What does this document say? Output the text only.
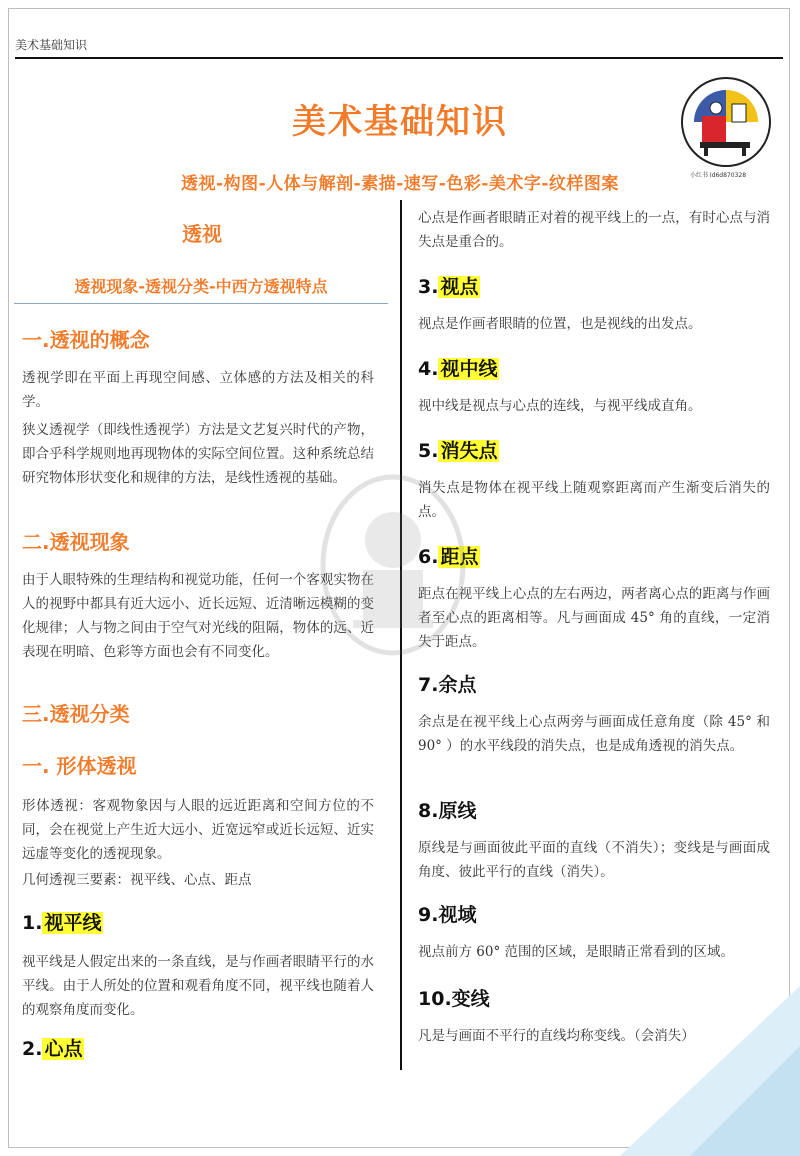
美术基础知识
美术基础知识
透视-构图-人体与解剖-素描-速写-色彩-美术字-纹样图案	小红书 Id6d870328
透视
透视现象-透视分类-中西方透视特点
一.透视的概念
透视学即在平面上再现空间感、立体感的方法及相关的科学。
狭义透视学（即线性透视学）方法是文艺复兴时代的产物，即合乎科学规则地再现物体的实际空间位置。这种系统总结研究物体形状变化和规律的方法，是线性透视的基础。
二.透视现象
由于人眼特殊的生理结构和视觉功能，任何一个客观实物在人的视野中都具有近大远小、近长远短、近清晰远模糊的变化规律；人与物之间由于空气对光线的阻隔，物体的远、近表现在明暗、色彩等方面也会有不同变化。
三.透视分类
一. 形体透视
形体透视：客观物象因与人眼的远近距离和空间方位的不同，会在视觉上产生近大远小、近宽远窄或近长远短、近实远虚等变化的透视现象。
几何透视三要素：视平线、心点、距点
1. 视平线
视平线是人假定出来的一条直线，是与作画者眼睛平行的水平线。由于人所处的位置和观看角度不同，视平线也随着人的观察角度而变化。
2. 心点
心点是作画者眼睛正对着的视平线上的一点，有时心点与消失点是重合的。
3. 视点
视点是作画者眼睛的位置，也是视线的出发点。
4. 视中线
视中线是视点与心点的连线，与视平线成直角。
5. 消失点
消失点是物体在视平线上随观察距离而产生渐变后消失的点。
6. 距点
距点在视平线上心点的左右两边，两者离心点的距离与作画者至心点的距离相等。凡与画面成 45° 角的直线，一定消失于距点。
7.余点
余点是在视平线上心点两旁与画面成任意角度（除 45° 和 90° ）的水平线段的消失点，也是成角透视的消失点。
8.原线
原线是与画面彼此平面的直线（不消失）；变线是与画面成角度、彼此平行的直线（消失）。
9.视域
视点前方 60° 范围的区域，是眼睛正常看到的区域。
10.变线
凡是与画面不平行的直线均称变线。（会消失）
